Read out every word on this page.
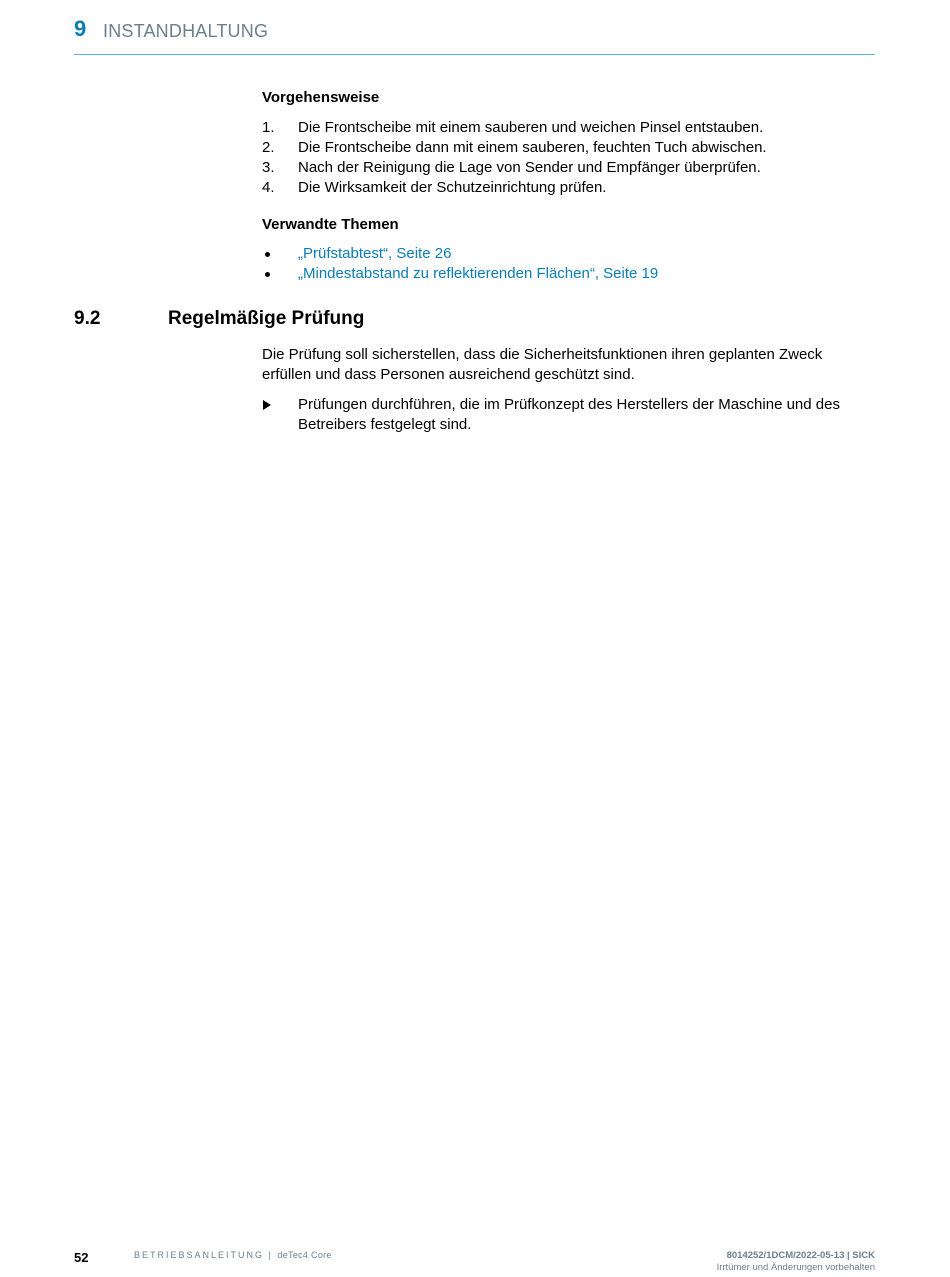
9 INSTANDHALTUNG
Vorgehensweise
1. Die Frontscheibe mit einem sauberen und weichen Pinsel entstauben.
2. Die Frontscheibe dann mit einem sauberen, feuchten Tuch abwischen.
3. Nach der Reinigung die Lage von Sender und Empfänger überprüfen.
4. Die Wirksamkeit der Schutzeinrichtung prüfen.
Verwandte Themen
„Prüfstabtest“, Seite 26
„Mindestabstand zu reflektierenden Flächen“, Seite 19
9.2	Regelmäßige Prüfung

Die Prüfung soll sicherstellen, dass die Sicherheitsfunktionen ihren geplanten Zweck erfüllen und dass Personen ausreichend geschützt sind.

Prüfungen durchführen, die im Prüfkonzept des Herstellers der Maschine und des Betreibers festgelegt sind.
52	BETRIEBSANLEITUNG | deTec4 Core	8014252/1DCM/2022-05-13 | SICK
Irrtümer und Änderungen vorbehalten
